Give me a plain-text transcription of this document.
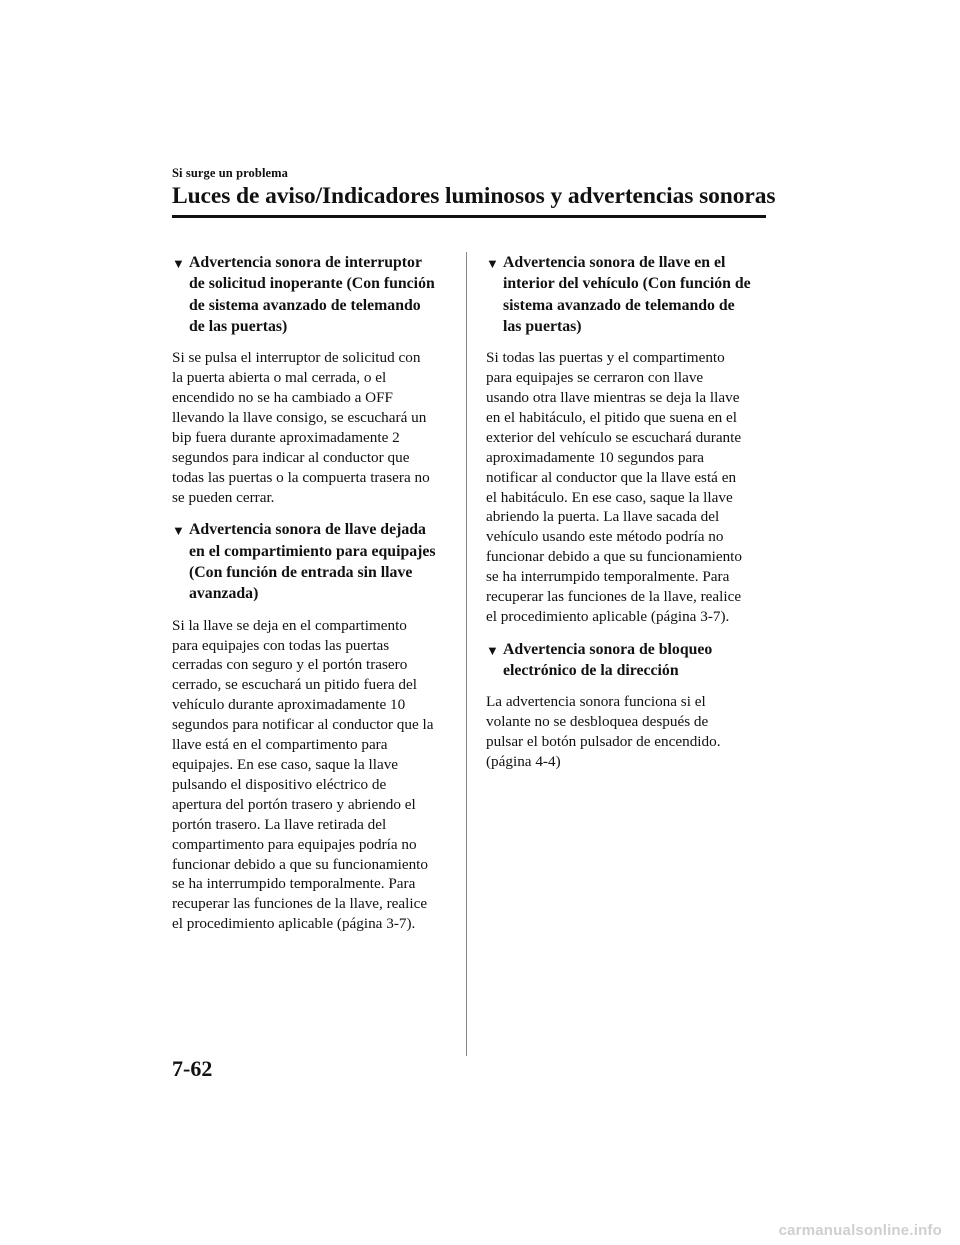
Si surge un problema
Luces de aviso/Indicadores luminosos y advertencias sonoras
▼ Advertencia sonora de interruptor
de solicitud inoperante (Con función
de sistema avanzado de telemando
de las puertas)
Si se pulsa el interruptor de solicitud con
la puerta abierta o mal cerrada, o el
encendido no se ha cambiado a OFF
llevando la llave consigo, se escuchará un
bip fuera durante aproximadamente 2
segundos para indicar al conductor que
todas las puertas o la compuerta trasera no
se pueden cerrar.
▼ Advertencia sonora de llave dejada
en el compartimiento para equipajes
(Con función de entrada sin llave
avanzada)
Si la llave se deja en el compartimento
para equipajes con todas las puertas
cerradas con seguro y el portón trasero
cerrado, se escuchará un pitido fuera del
vehículo durante aproximadamente 10
segundos para notificar al conductor que la
llave está en el compartimento para
equipajes. En ese caso, saque la llave
pulsando el dispositivo eléctrico de
apertura del portón trasero y abriendo el
portón trasero. La llave retirada del
compartimento para equipajes podría no
funcionar debido a que su funcionamiento
se ha interrumpido temporalmente. Para
recuperar las funciones de la llave, realice
el procedimiento aplicable (página 3-7).
▼ Advertencia sonora de llave en el
interior del vehículo (Con función de
sistema avanzado de telemando de
las puertas)
Si todas las puertas y el compartimento
para equipajes se cerraron con llave
usando otra llave mientras se deja la llave
en el habitáculo, el pitido que suena en el
exterior del vehículo se escuchará durante
aproximadamente 10 segundos para
notificar al conductor que la llave está en
el habitáculo. En ese caso, saque la llave
abriendo la puerta. La llave sacada del
vehículo usando este método podría no
funcionar debido a que su funcionamiento
se ha interrumpido temporalmente. Para
recuperar las funciones de la llave, realice
el procedimiento aplicable (página 3-7).
▼ Advertencia sonora de bloqueo
electrónico de la dirección
La advertencia sonora funciona si el
volante no se desbloquea después de
pulsar el botón pulsador de encendido.
(página 4-4)
7-62
carmanualsonline.info
